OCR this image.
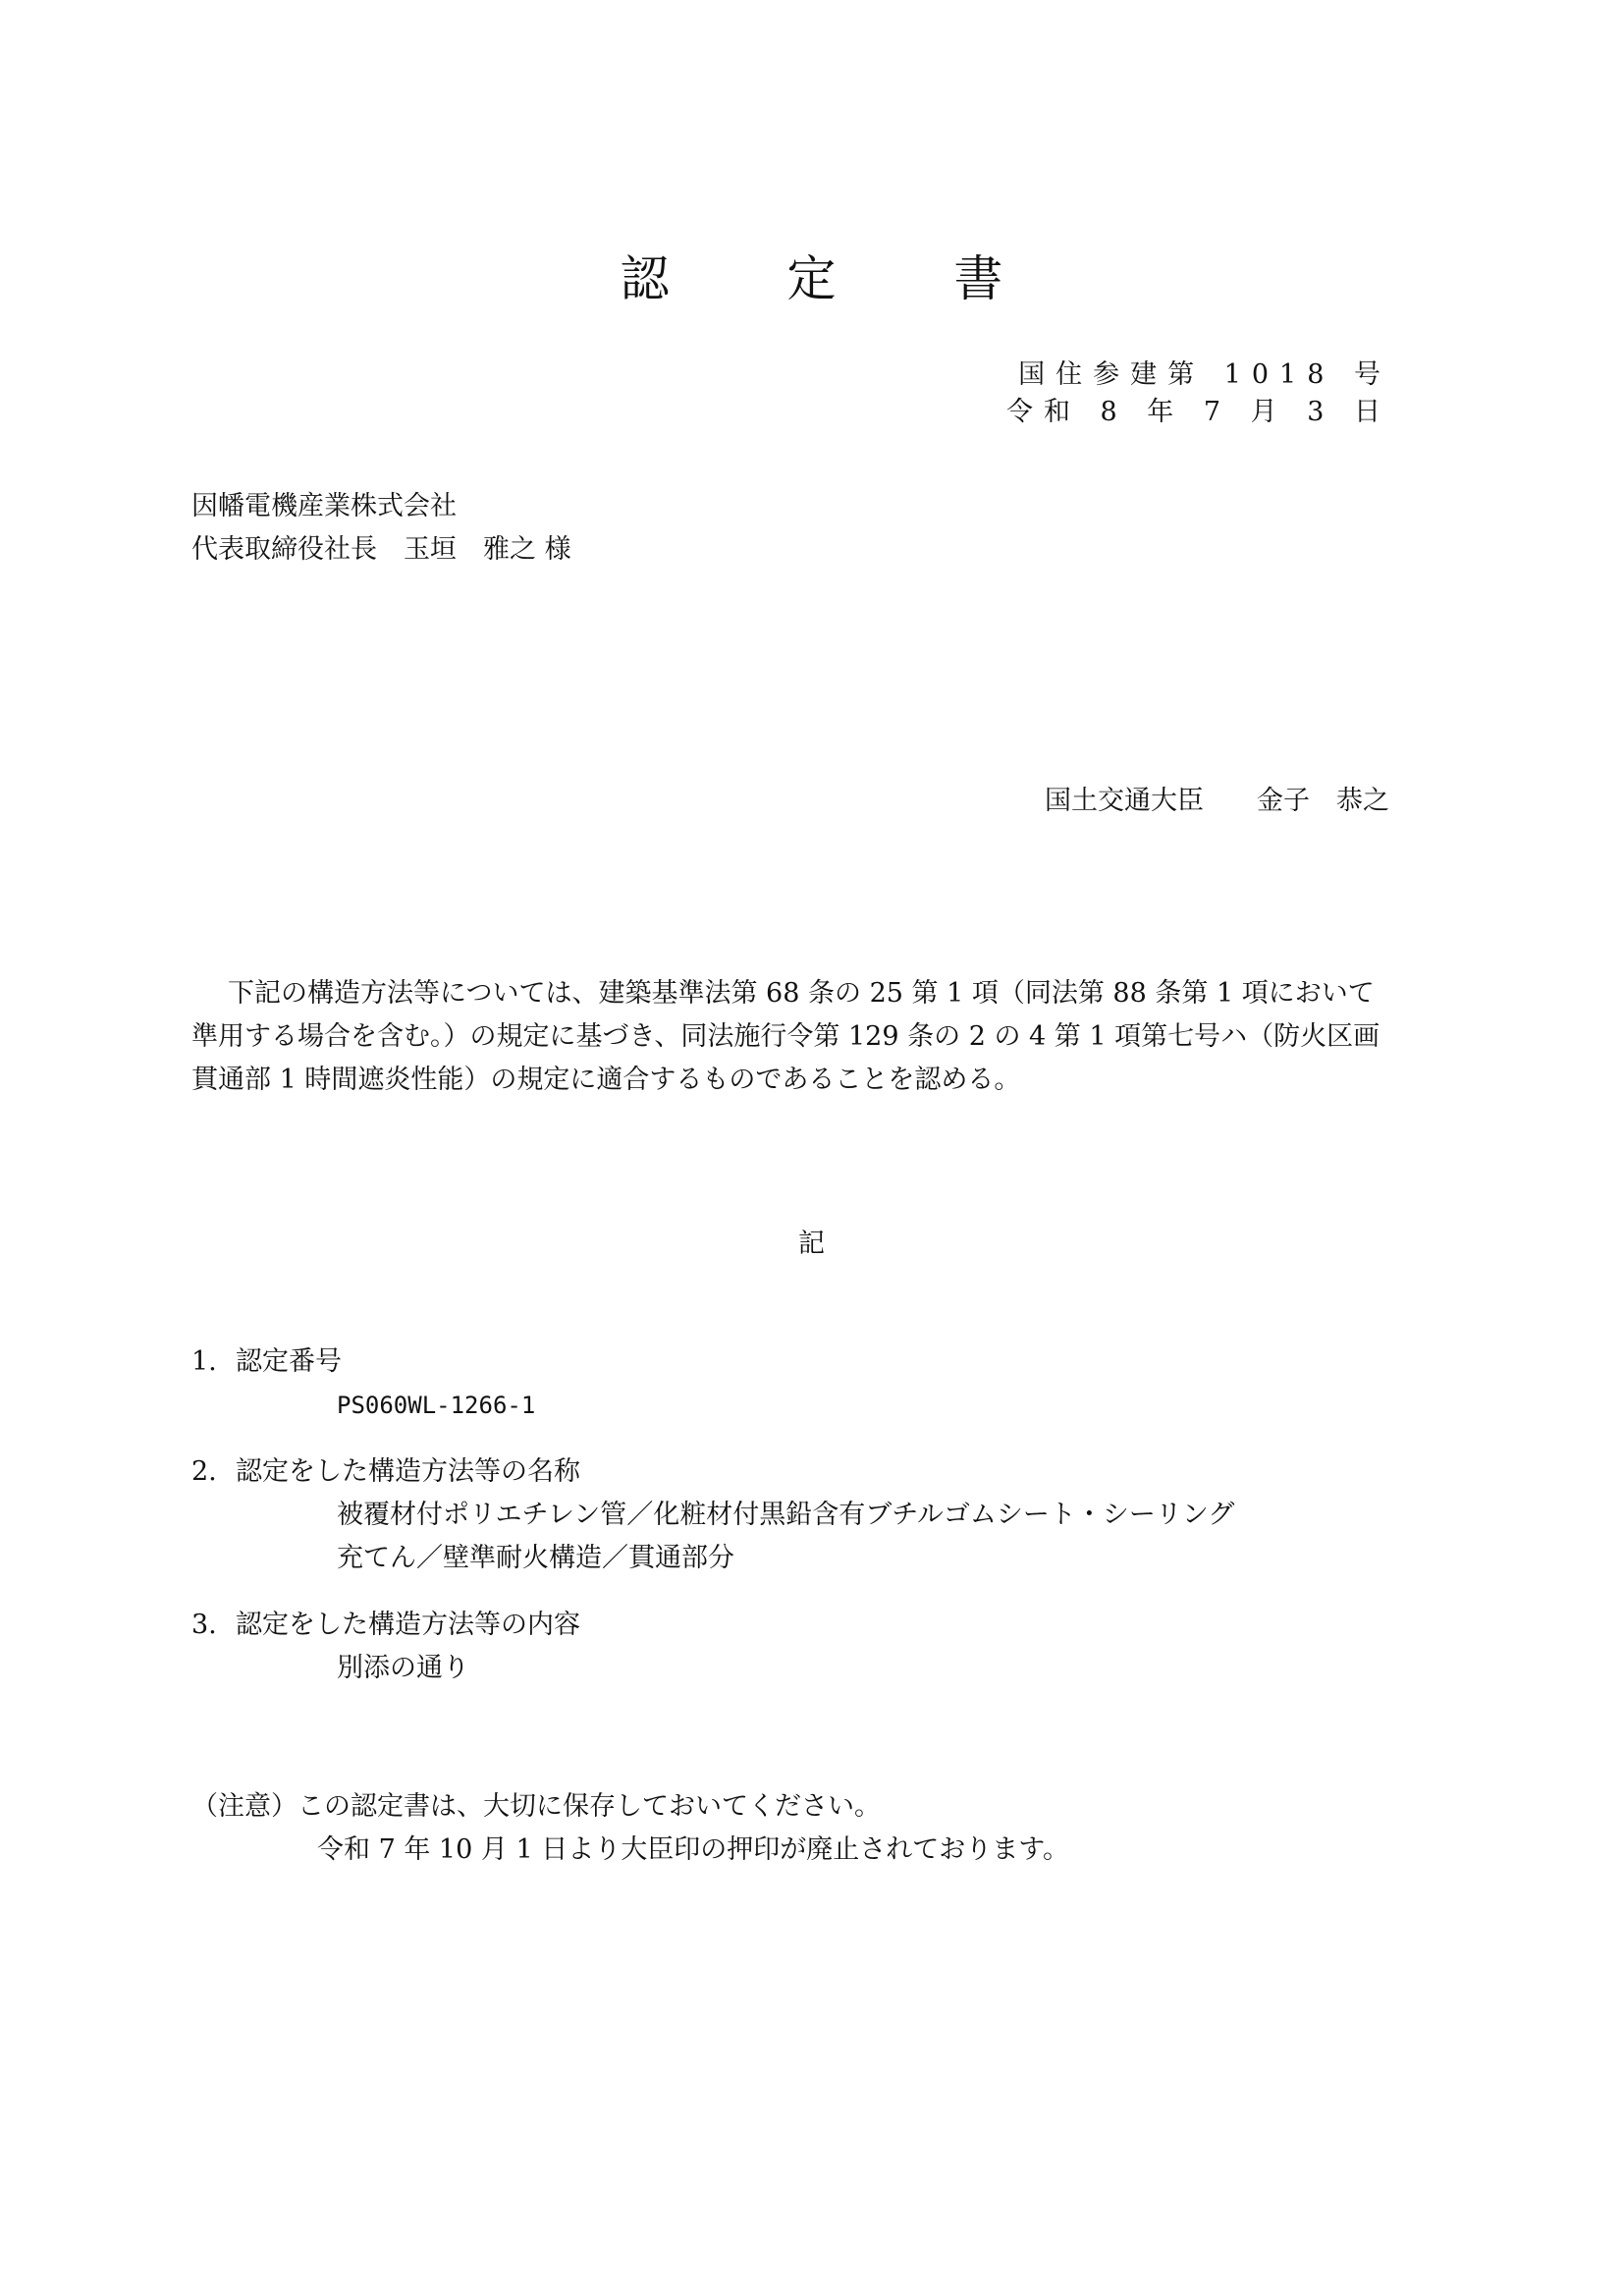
認 定 書
国住参建第 1018 号
令和 8 年 7 月 3 日
因幡電機産業株式会社
代表取締役社長　玉垣　雅之 様
国土交通大臣　　金子　恭之

下記の構造方法等については、建築基準法第 68 条の 25 第 1 項（同法第 88 条第 1 項において準用する場合を含む。）の規定に基づき、同法施行令第 129 条の 2 の 4 第 1 項第七号ハ（防火区画貫通部 1 時間遮炎性能）の規定に適合するものであることを認める。

記
1. 認定番号
PS060WL-1266-1
2. 認定をした構造方法等の名称
被覆材付ポリエチレン管／化粧材付黒鉛含有ブチルゴムシート・シーリング
充てん／壁準耐火構造／貫通部分
3. 認定をした構造方法等の内容
別添の通り
（注意）この認定書は、大切に保存しておいてください。
令和 7 年 10 月 1 日より大臣印の押印が廃止されております。
